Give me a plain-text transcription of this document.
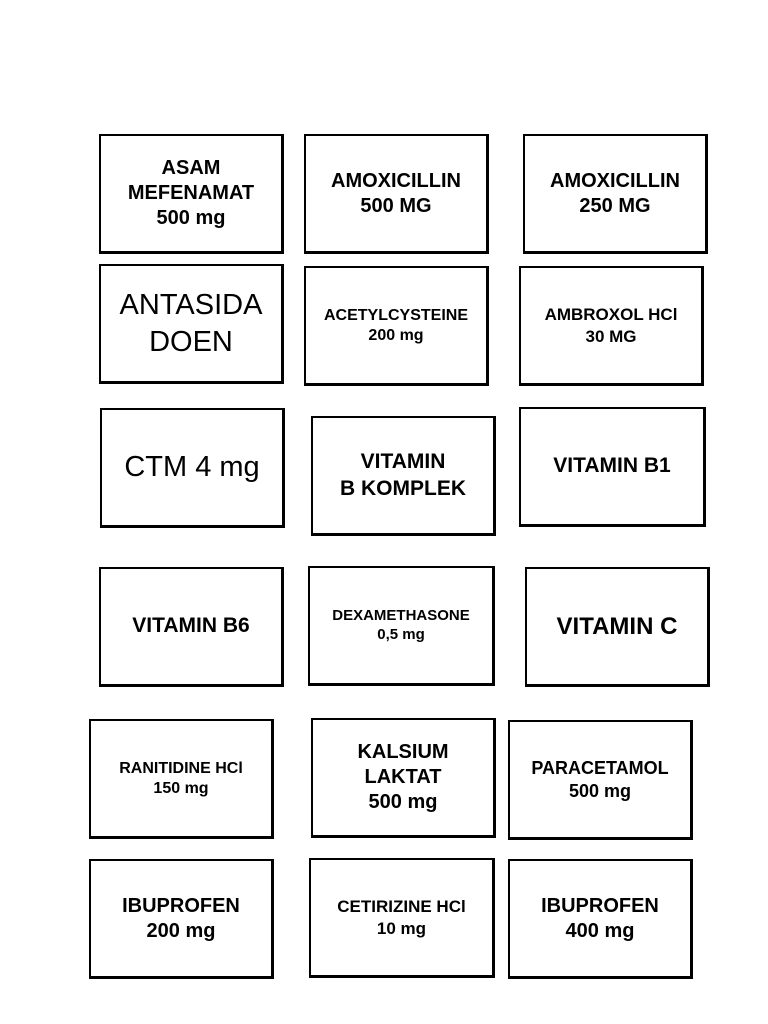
ASAM
MEFENAMAT
500 mg
AMOXICILLIN
500 MG
AMOXICILLIN
250 MG
ANTASIDA
DOEN
ACETYLCYSTEINE
200 mg
AMBROXOL HCl
30 MG
CTM 4 mg	VITAMIN
B KOMPLEK
VITAMIN B1
VITAMIN B6	DEXAMETHASONE
0,5 mg	VITAMIN C
RANITIDINE HCl
150 mg
KALSIUM
LAKTAT
500 mg
PARACETAMOL
500 mg
IBUPROFEN
200 mg
CETIRIZINE HCl
10 mg
IBUPROFEN
400 mg
